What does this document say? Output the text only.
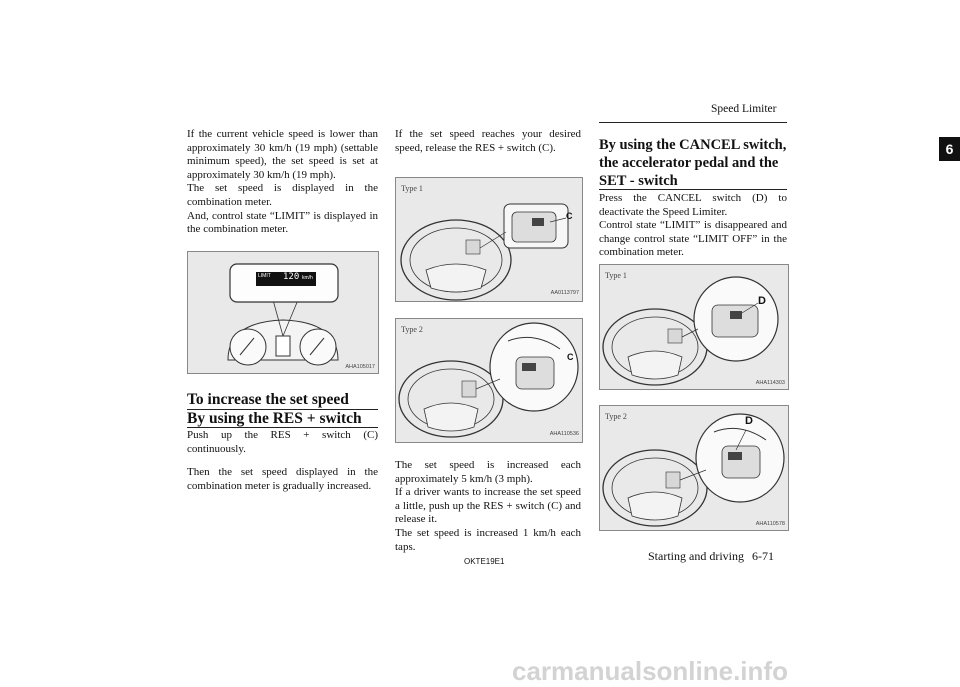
Speed Limiter
6

If the current vehicle speed is lower than approximately 30 km/h (19 mph) (settable minimum speed), the set speed is set at approximately 30 km/h (19 mph).

The set speed is displayed in the combination meter.

And, control state “LIMIT” is displayed in the combination meter.

LIMIT 120 km/h
AHA105017
To increase the set speed
By using the RES + switch

Push up the RES + switch (C) continuously.

Then the set speed displayed in the combination meter is gradually increased.

If the set speed reaches your desired speed, release the RES + switch (C).

Type 1
C
AA0113797
Type 2
C
AHA110536

The set speed is increased each approximately 5 km/h (3 mph).

If a driver wants to increase the set speed a little, push up the RES + switch (C) and release it.

The set speed is increased 1 km/h each taps.

By using the CANCEL switch, the accelerator pedal and the SET - switch

Press the CANCEL switch (D) to deactivate the Speed Limiter.

Control state “LIMIT” is disappeared and change control state “LIMIT OFF” in the combination meter.

Type 1
D
AHA114303
Type 2	D
AHA110578
OKTE19E1	Starting and driving 6-71
carmanualsonline.info
